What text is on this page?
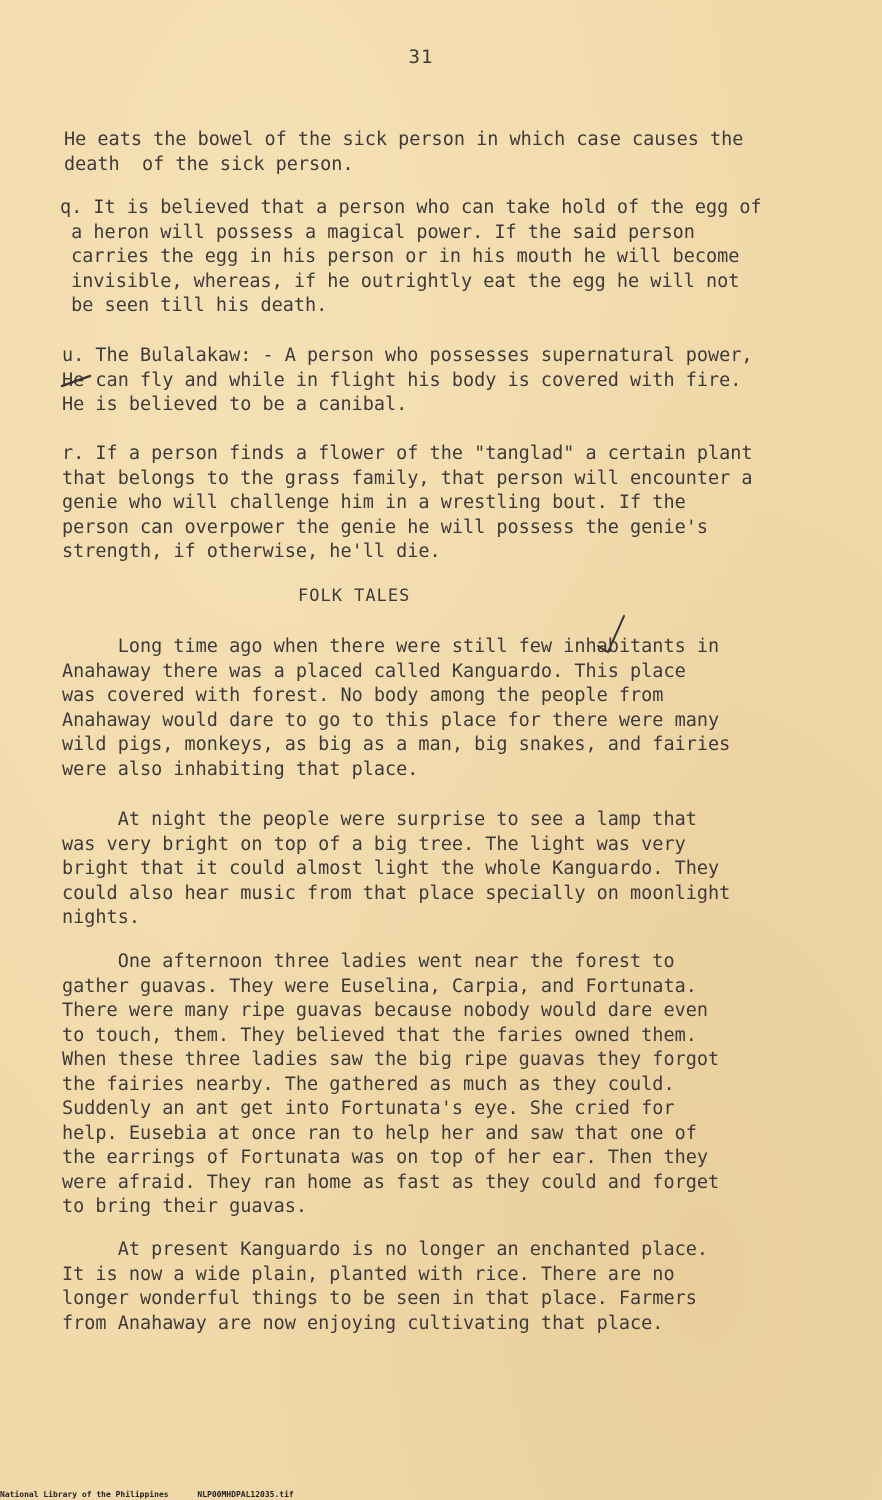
31
He eats the bowel of the sick person in which case causes the
death  of the sick person.
q. It is believed that a person who can take hold of the egg of
a heron will possess a magical power. If the said person
carries the egg in his person or in his mouth he will become
invisible, whereas, if he outrightly eat the egg he will not
be seen till his death.
u. The Bulalakaw: - A person who possesses supernatural power,
He can fly and while in flight his body is covered with fire.
He is believed to be a canibal.
r. If a person finds a flower of the "tanglad" a certain plant
that belongs to the grass family, that person will encounter a
genie who will challenge him in a wrestling bout. If the
person can overpower the genie he will possess the genie's
strength, if otherwise, he'll die.
FOLK TALES
Long time ago when there were still few inhabitants in
Anahaway there was a placed called Kanguardo. This place
was covered with forest. No body among the people from
Anahaway would dare to go to this place for there were many
wild pigs, monkeys, as big as a man, big snakes, and fairies
were also inhabiting that place.
At night the people were surprise to see a lamp that
was very bright on top of a big tree. The light was very
bright that it could almost light the whole Kanguardo. They
could also hear music from that place specially on moonlight
nights.
One afternoon three ladies went near the forest to
gather guavas. They were Euselina, Carpia, and Fortunata.
There were many ripe guavas because nobody would dare even
to touch, them. They believed that the faries owned them.
When these three ladies saw the big ripe guavas they forgot
the fairies nearby. The gathered as much as they could.
Suddenly an ant get into Fortunata's eye. She cried for
help. Eusebia at once ran to help her and saw that one of
the earrings of Fortunata was on top of her ear. Then they
were afraid. They ran home as fast as they could and forget
to bring their guavas.
At present Kanguardo is no longer an enchanted place.
It is now a wide plain, planted with rice. There are no
longer wonderful things to be seen in that place. Farmers
from Anahaway are now enjoying cultivating that place.
National Library of the Philippines	NLP00MHDPAL12035.tif
